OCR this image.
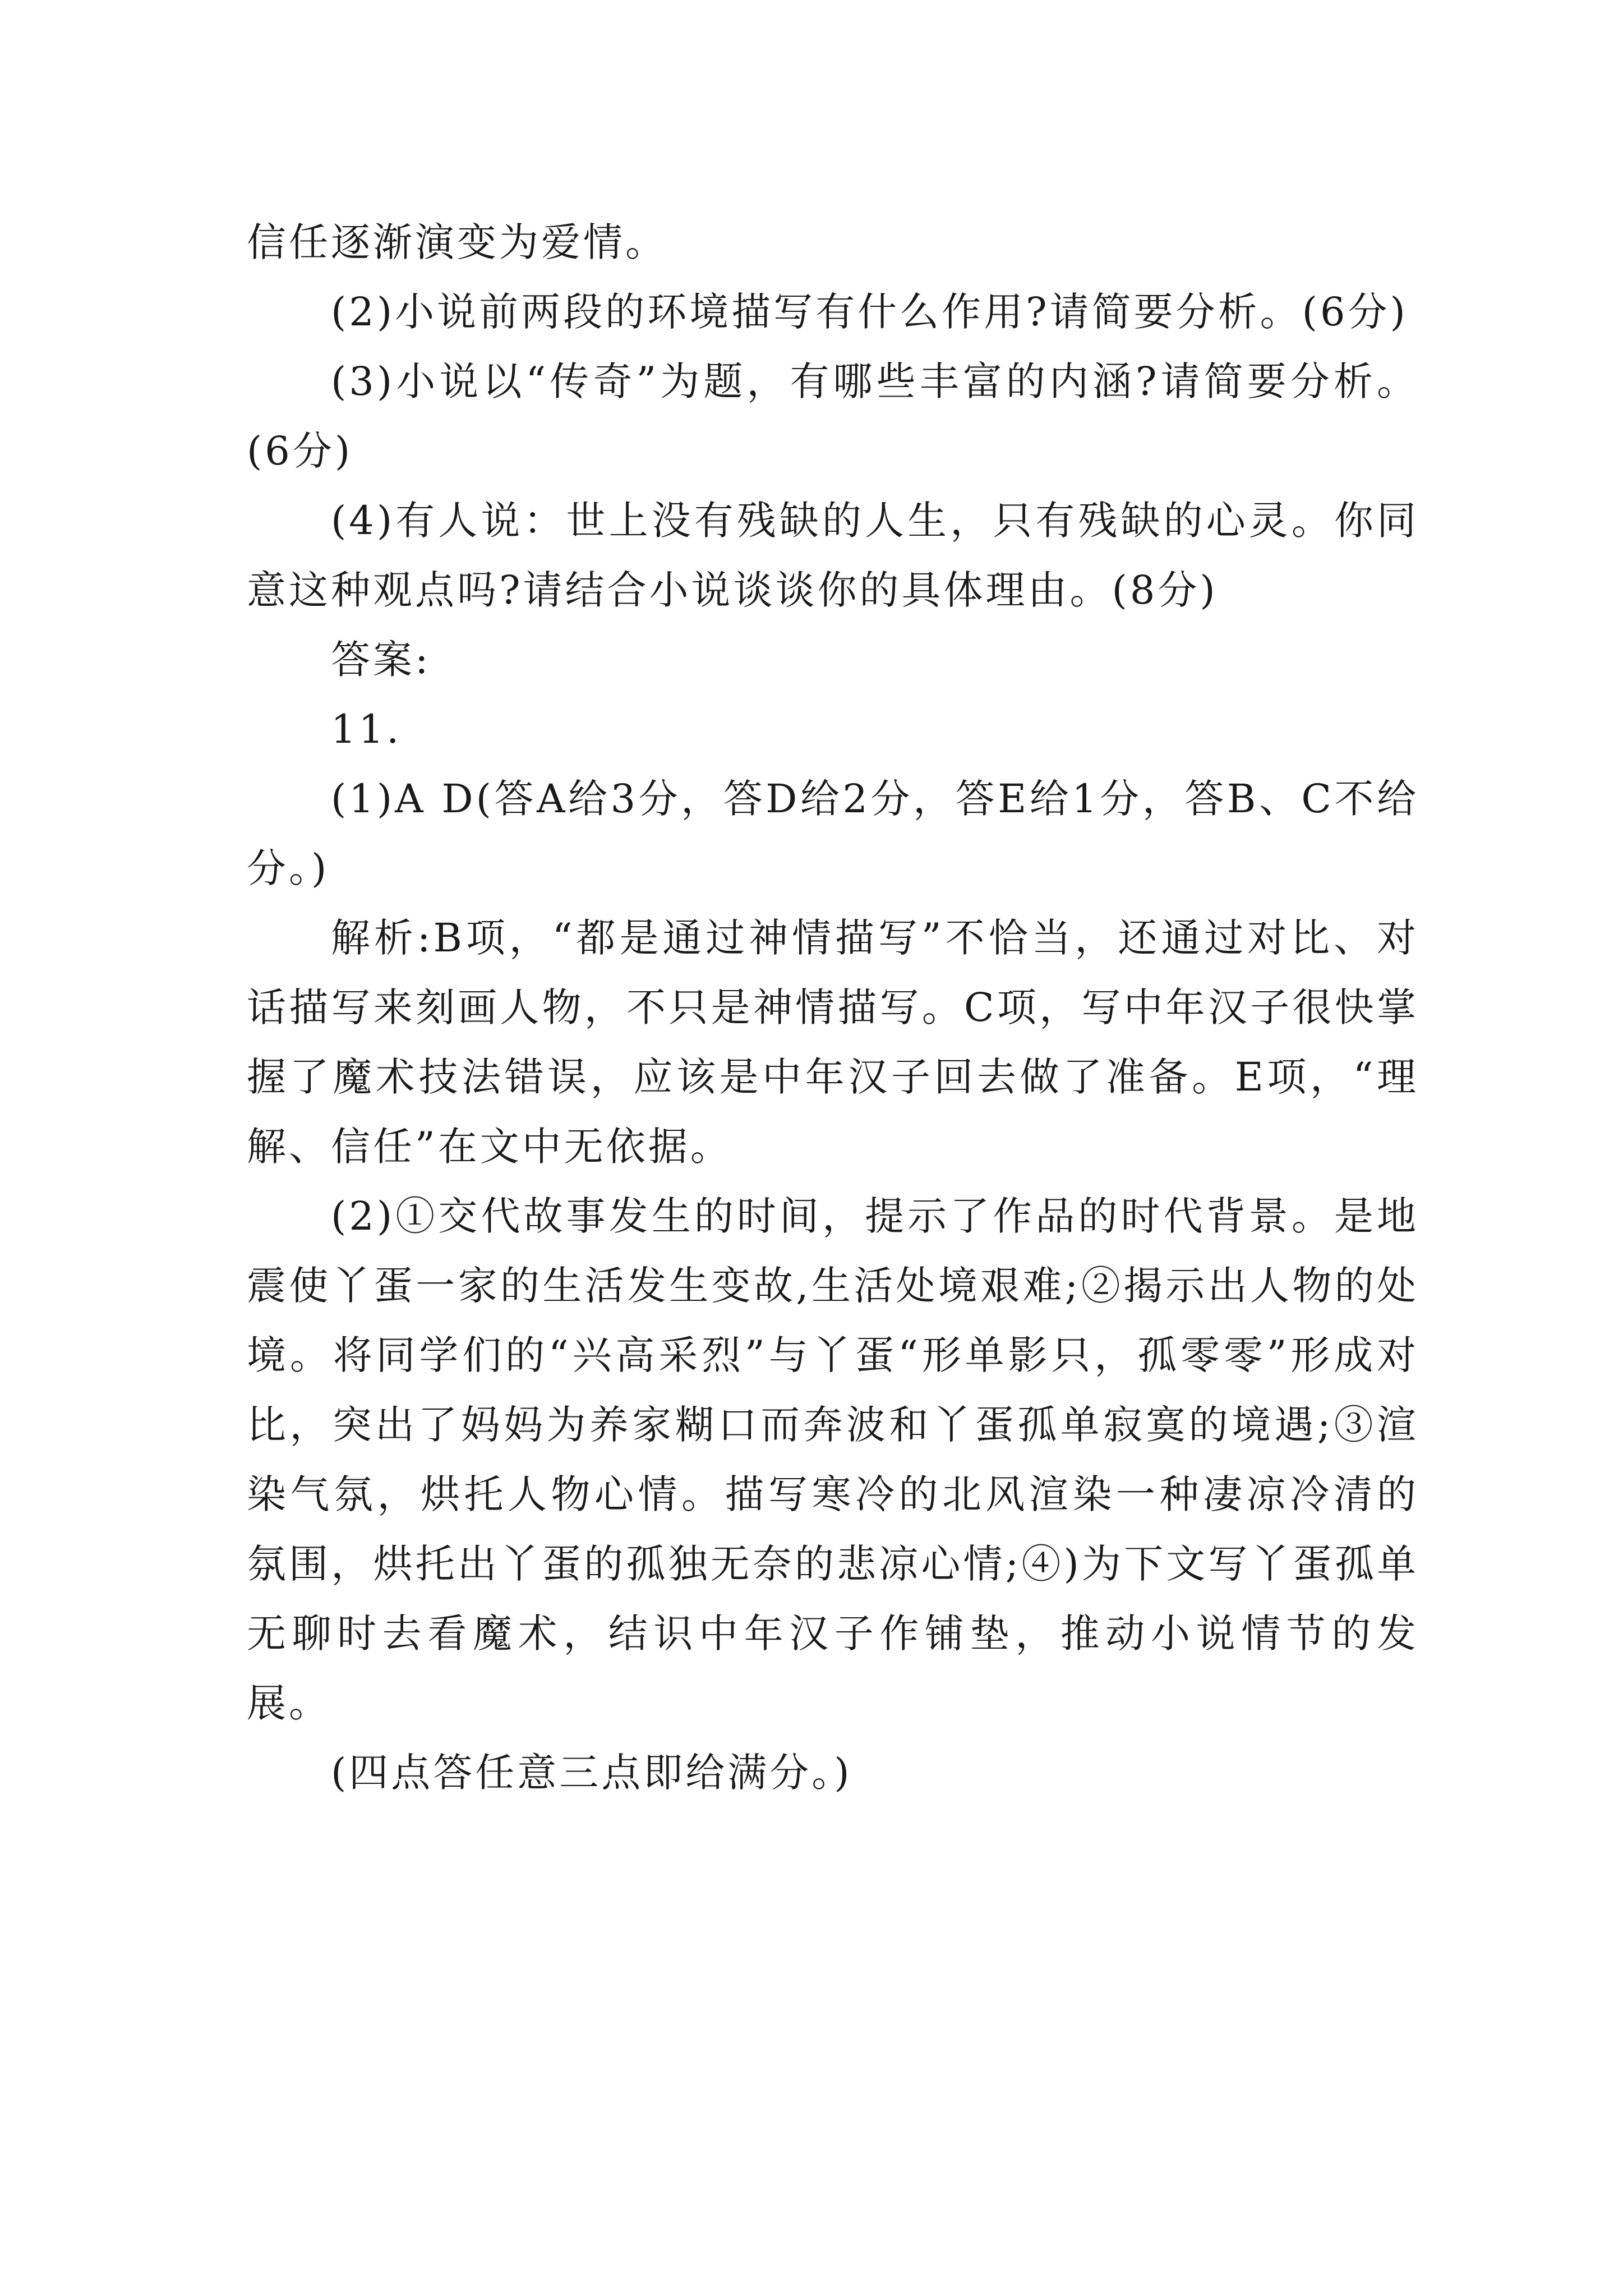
信任逐渐演变为爱情。

(2)小说前两段的环境描写有什么作用?请简要分析。(6分)

(3)小说以“传奇”为题，有哪些丰富的内涵?请简要分析。(6分)

(4)有人说：世上没有残缺的人生，只有残缺的心灵。你同意这种观点吗?请结合小说谈谈你的具体理由。(8分)

答案:

11.

(1)A D(答A给3分，答D给2分，答E给1分，答B、C不给分。)

解析:B项，“都是通过神情描写”不恰当，还通过对比、对话描写来刻画人物，不只是神情描写。C项，写中年汉子很快掌握了魔术技法错误，应该是中年汉子回去做了准备。E项，“理解、信任”在文中无依据。

(2)①交代故事发生的时间，提示了作品的时代背景。是地震使丫蛋一家的生活发生变故,生活处境艰难;②揭示出人物的处境。将同学们的“兴高采烈”与丫蛋“形单影只，孤零零”形成对比，突出了妈妈为养家糊口而奔波和丫蛋孤单寂寞的境遇;③渲染气氛，烘托人物心情。描写寒冷的北风渲染一种凄凉冷清的氛围，烘托出丫蛋的孤独无奈的悲凉心情;④)为下文写丫蛋孤单无聊时去看魔术，结识中年汉子作铺垫，推动小说情节的发展。

(四点答任意三点即给满分。)
